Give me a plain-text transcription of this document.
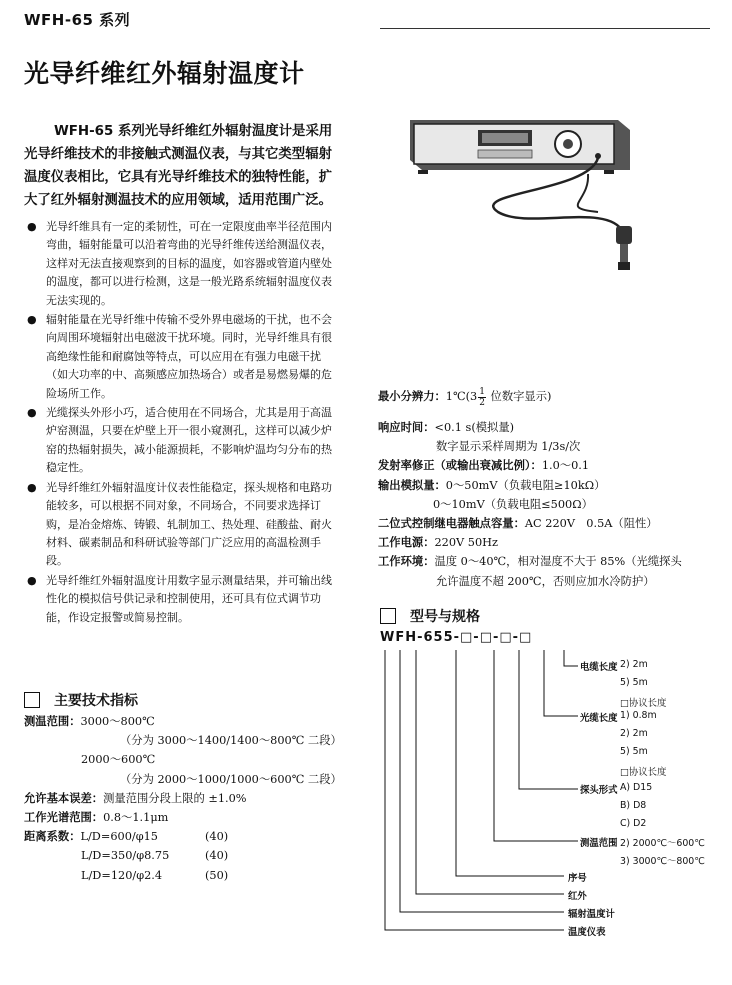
WFH-65 系列
光导纤维红外辐射温度计

WFH-65 系列光导纤维红外辐射温度计是采用光导纤维技术的非接触式测温仪表，与其它类型辐射温度仪表相比，它具有光导纤维技术的独特性能，扩大了红外辐射测温技术的应用领域，适用范围广泛。

● 光导纤维具有一定的柔韧性，可在一定限度曲率半径范围内弯曲，辐射能量可以沿着弯曲的光导纤维传送给测温仪表，这样对无法直接观察到的目标的温度，如容器或管道内壁处的温度，都可以进行检测，这是一般光路系统辐射温度仪表无法实现的。
● 辐射能量在光导纤维中传输不受外界电磁场的干扰，也不会向周围环境辐射出电磁波干扰环境。同时，光导纤维具有很高绝缘性能和耐腐蚀等特点，可以应用在有强力电磁干扰（如大功率的中、高频感应加热场合）或者是易燃易爆的危险场所工作。
● 光缆探头外形小巧，适合使用在不同场合，尤其是用于高温炉窑测温，只要在炉壁上开一很小窥测孔，这样可以减少炉窑的热辐射损失，减小能源损耗，不影响炉温均匀分布的热稳定性。
● 光导纤维红外辐射温度计仪表性能稳定，探头规格和电路功能较多，可以根据不同对象，不同场合，不同要求选择订购，是冶金熔炼、铸锻、轧制加工、热处理、硅酸盐、耐火材料、碳素制品和科研试验等部门广泛应用的高温检测手段。
● 光导纤维红外辐射温度计用数字显示测量结果，并可输出线性化的模拟信号供记录和控制使用，还可具有位式调节功能，作设定报警或简易控制。
主要技术指标
测温范围：3000～800℃
（分为 3000～1400/1400～800℃ 二段）
2000～600℃
（分为 2000～1000/1000～600℃ 二段）
允许基本误差：测量范围分段上限的 ±1.0%
工作光谱范围：0.8～1.1μm
距离系数：L/D=600/φ15	(40)
L/D=350/φ8.75	(40)
L/D=120/φ2.4	(50)
最小分辨力：1℃(3 $\frac{1}{2}$ 位数字显示)
响应时间：<0.1 s(模拟量)
数字显示采样周期为 1/3s/次
发射率修正（或输出衰减比例）：1.0～0.1
输出模拟量：0～50mV（负载电阻≥10kΩ）
0～10mV（负载电阻≤500Ω）
二位式控制继电器触点容量：AC 220V　0.5A（阻性）
工作电源：220V 50Hz
工作环境：温度 0～40℃，相对湿度不大于 85%（光缆探头
允许温度不超 200℃，否则应加水冷防护）
型号与规格
WFH-655-□-□-□-□
电缆长度 2) 2m
5) 5m
□协议长度
光缆长度 1) 0.8m
2) 2m
5) 5m
□协议长度
探头形式 A) D15
B) D8
C) D2
测温范围 2) 2000℃～600℃
3) 3000℃～800℃
序号
红外
辐射温度计
温度仪表
